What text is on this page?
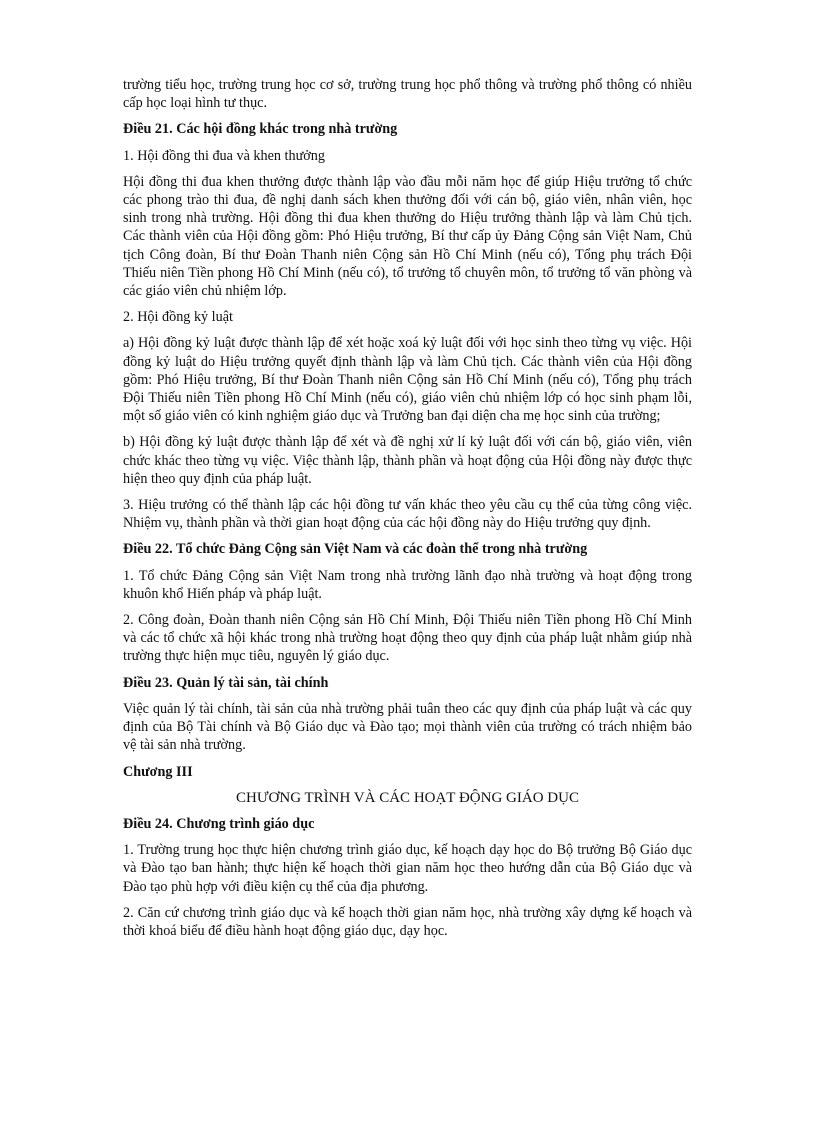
trường tiểu học, trường trung học cơ sở, trường trung học phổ thông và trường phổ thông có nhiều cấp học loại hình tư thục.

Điều 21. Các hội đồng khác trong nhà trường

1. Hội đồng thi đua và khen thưởng

Hội đồng thi đua khen thưởng được thành lập vào đầu mỗi năm học để giúp Hiệu trưởng tổ chức các phong trào thi đua, đề nghị danh sách khen thưởng đối với cán bộ, giáo viên, nhân viên, học sinh trong nhà trường. Hội đồng thi đua khen thưởng do Hiệu trưởng thành lập và làm Chủ tịch. Các thành viên của Hội đồng gồm: Phó Hiệu trưởng, Bí thư cấp ủy Đảng Cộng sản Việt Nam, Chủ tịch Công đoàn, Bí thư Đoàn Thanh niên Cộng sản Hồ Chí Minh (nếu có), Tổng phụ trách Đội Thiếu niên Tiền phong Hồ Chí Minh (nếu có), tổ trưởng tổ chuyên môn, tổ trưởng tổ văn phòng và các giáo viên chủ nhiệm lớp.

2. Hội đồng kỷ luật

a) Hội đồng kỷ luật được thành lập để xét hoặc xoá kỷ luật đối với học sinh theo từng vụ việc. Hội đồng kỷ luật do Hiệu trưởng quyết định thành lập và làm Chủ tịch. Các thành viên của Hội đồng gồm: Phó Hiệu trưởng, Bí thư Đoàn Thanh niên Cộng sản Hồ Chí Minh (nếu có), Tổng phụ trách Đội Thiếu niên Tiền phong Hồ Chí Minh (nếu có), giáo viên chủ nhiệm lớp có học sinh phạm lỗi, một số giáo viên có kinh nghiệm giáo dục và Trưởng ban đại diện cha mẹ học sinh của trường;

b) Hội đồng kỷ luật được thành lập để xét và đề nghị xử lí kỷ luật đối với cán bộ, giáo viên, viên chức khác theo từng vụ việc. Việc thành lập, thành phần và hoạt động của Hội đồng này được thực hiện theo quy định của pháp luật.

3. Hiệu trưởng có thể thành lập các hội đồng tư vấn khác theo yêu cầu cụ thể của từng công việc. Nhiệm vụ, thành phần và thời gian hoạt động của các hội đồng này do Hiệu trưởng quy định.

Điều 22. Tổ chức Đảng Cộng sản Việt Nam và các đoàn thể trong nhà trường

1. Tổ chức Đảng Cộng sản Việt Nam trong nhà trường lãnh đạo nhà trường và hoạt động trong khuôn khổ Hiến pháp và pháp luật.

2. Công đoàn, Đoàn thanh niên Cộng sản Hồ Chí Minh, Đội Thiếu niên Tiền phong Hồ Chí Minh và các tổ chức xã hội khác trong nhà trường hoạt động theo quy định của pháp luật nhằm giúp nhà trường thực hiện mục tiêu, nguyên lý giáo dục.

Điều 23. Quản lý tài sản, tài chính

Việc quản lý tài chính, tài sản của nhà trường phải tuân theo các quy định của pháp luật và các quy định của Bộ Tài chính và Bộ Giáo dục và Đào tạo; mọi thành viên của trường có trách nhiệm bảo vệ tài sản nhà trường.

Chương III

CHƯƠNG TRÌNH VÀ CÁC HOẠT ĐỘNG GIÁO DỤC

Điều 24. Chương trình giáo dục

1. Trường trung học thực hiện chương trình giáo dục, kế hoạch dạy học do Bộ trưởng Bộ Giáo dục và Đào tạo ban hành; thực hiện kế hoạch thời gian năm học theo hướng dẫn của Bộ Giáo dục và Đào tạo phù hợp với điều kiện cụ thể của địa phương.

2. Căn cứ chương trình giáo dục và kế hoạch thời gian năm học, nhà trường xây dựng kế hoạch và thời khoá biểu để điều hành hoạt động giáo dục, dạy học.
